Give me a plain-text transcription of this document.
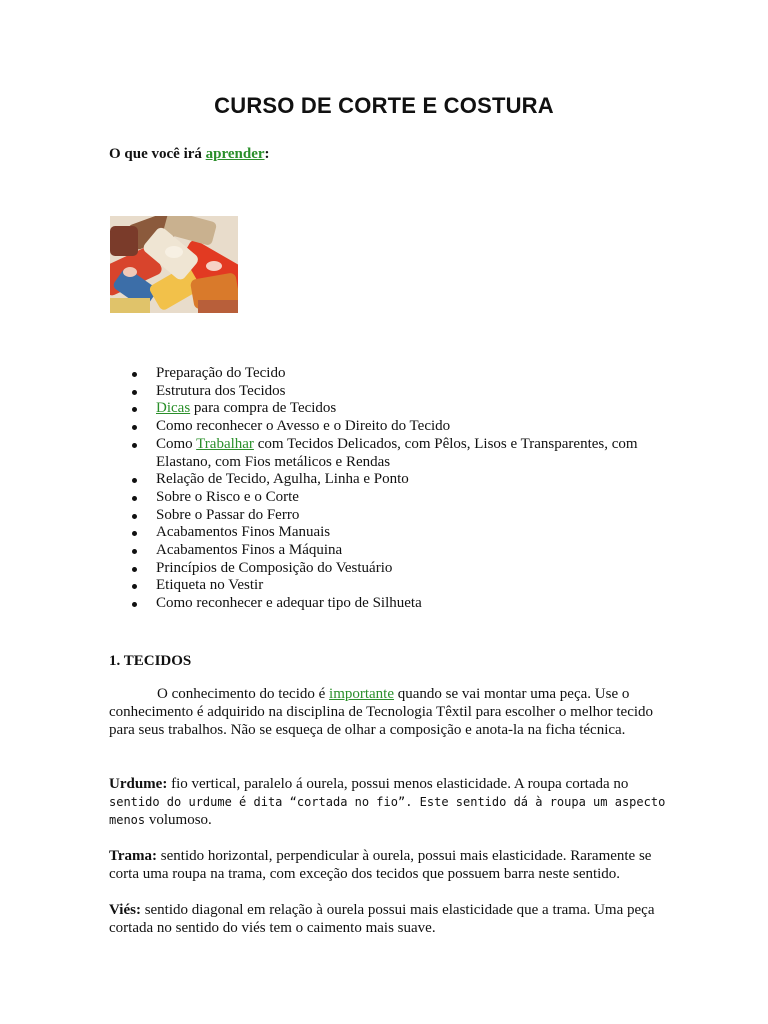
CURSO DE CORTE E COSTURA
O que você irá aprender:
Preparação do Tecido
Estrutura dos Tecidos
Dicas para compra de Tecidos
Como reconhecer o Avesso e o Direito do Tecido
Como Trabalhar com Tecidos Delicados, com Pêlos, Lisos e Transparentes, com Elastano, com Fios metálicos e Rendas
Relação de Tecido, Agulha, Linha e Ponto
Sobre o Risco e o Corte
Sobre o Passar do Ferro
Acabamentos Finos Manuais
Acabamentos Finos a Máquina
Princípios de Composição do Vestuário
Etiqueta no Vestir
Como reconhecer e adequar tipo de Silhueta
1. TECIDOS

O conhecimento do tecido é importante quando se vai montar uma peça. Use o conhecimento é adquirido na disciplina de Tecnologia Têxtil para escolher o melhor tecido para seus trabalhos. Não se esqueça de olhar a composição e anota-la na ficha técnica.

Urdume: fio vertical, paralelo á ourela, possui menos elasticidade. A roupa cortada no sentido do urdume é dita “cortada no fio”. Este sentido dá à roupa um aspecto menos volumoso.

Trama: sentido horizontal, perpendicular à ourela, possui mais elasticidade. Raramente se corta uma roupa na trama, com exceção dos tecidos que possuem barra neste sentido.

Viés: sentido diagonal em relação à ourela possui mais elasticidade que a trama. Uma peça cortada no sentido do viés tem o caimento mais suave.
